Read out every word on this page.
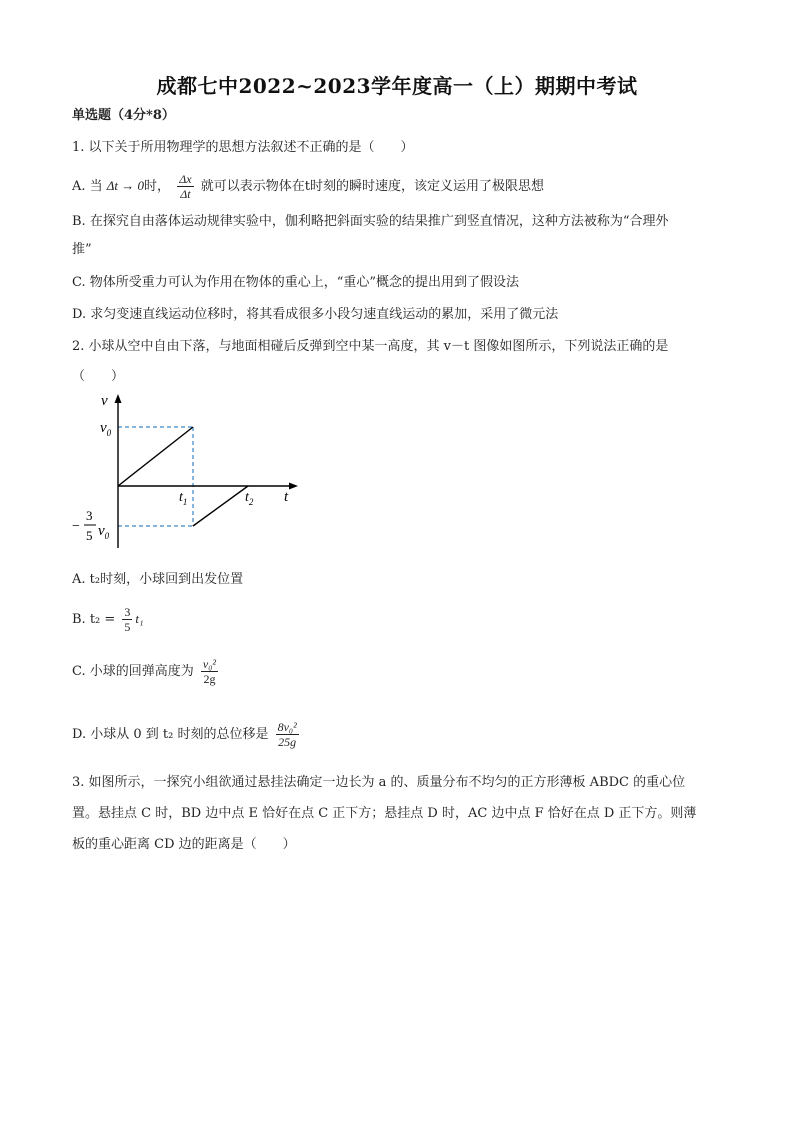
成都七中2022~2023学年度高一（上）期期中考试
单选题（4分*8）
1. 以下关于所用物理学的思想方法叙述不正确的是（　　）
A. 当 Δt → 0时， $\frac{\Delta x}{\Delta t}$ 就可以表示物体在t时刻的瞬时速度，该定义运用了极限思想
B. 在探究自由落体运动规律实验中，伽利略把斜面实验的结果推广到竖直情况，这种方法被称为“合理外
推”
C. 物体所受重力可认为作用在物体的重心上，“重心”概念的提出用到了假设法
D. 求匀变速直线运动位移时，将其看成很多小段匀速直线运动的累加，采用了微元法
2. 小球从空中自由下落，与地面相碰后反弹到空中某一高度，其 v－t 图像如图所示，下列说法正确的是
（　　）
v
t
$v_0$
$t_1$	$t_2$
−
3
5 $v_0$
A. t₂时刻，小球回到出发位置
B. $t_2 = \frac{3}{5} t_1$
C. 小球的回弹高度为 $\frac{\text{v₀²}}{2g}$
D. 小球从 0 到 t₂ 时刻的总位移是 $\frac{\text{8v₀²}}{25g}$
3. 如图所示，一探究小组欲通过悬挂法确定一边长为 a 的、质量分布不均匀的正方形薄板 ABDC 的重心位
置。悬挂点 C 时，BD 边中点 E 恰好在点 C 正下方；悬挂点 D 时，AC 边中点 F 恰好在点 D 正下方。则薄
板的重心距离 CD 边的距离是（　　）
